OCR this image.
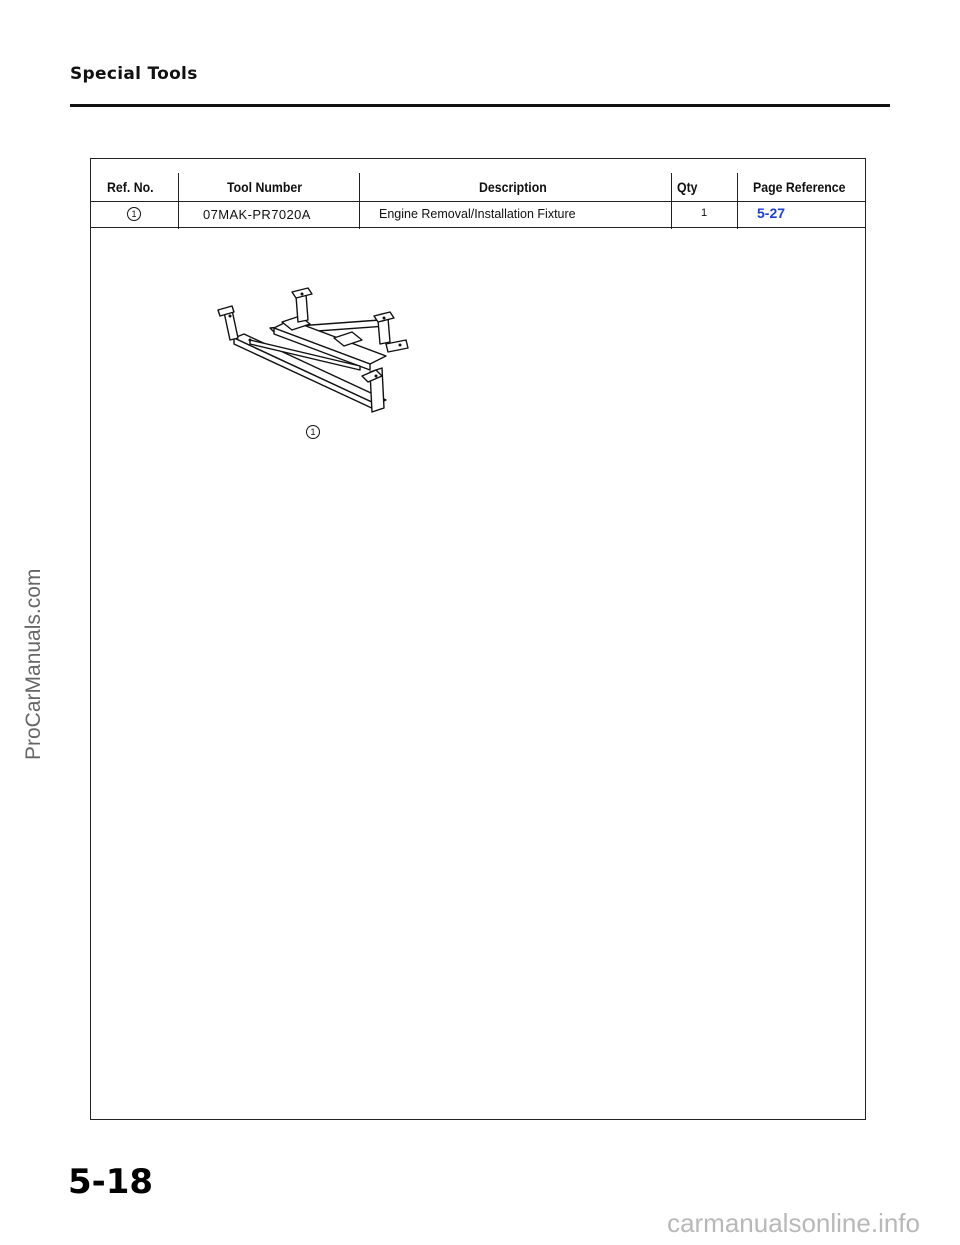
Special Tools
Ref. No.	Tool Number	Description	Qty	Page Reference
1	07MAK-PR7020A	Engine Removal/Installation Fixture	1	5-27
1
ProCarManuals.com
5-18
carmanualsonline.info
